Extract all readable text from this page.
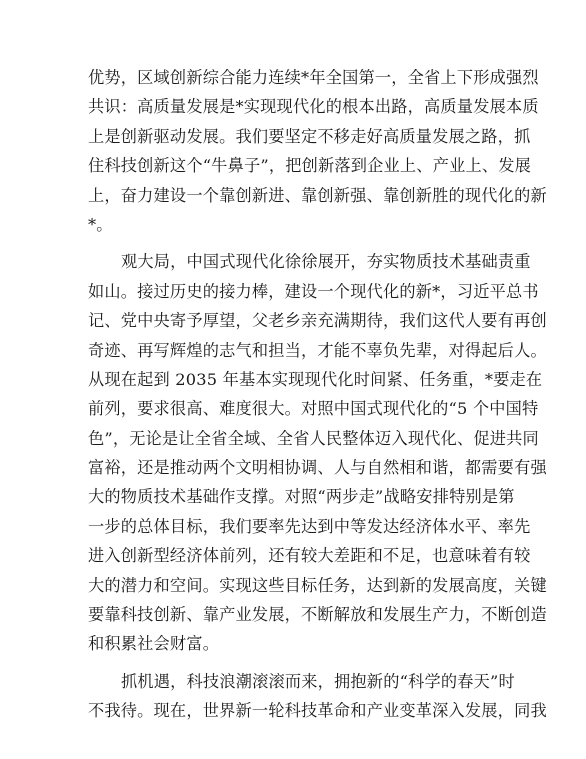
优势，区域创新综合能力连续*年全国第一，全省上下形成强烈
共识：高质量发展是*实现现代化的根本出路，高质量发展本质
上是创新驱动发展。我们要坚定不移走好高质量发展之路，抓
住科技创新这个“牛鼻子”，把创新落到企业上、产业上、发展
上，奋力建设一个靠创新进、靠创新强、靠创新胜的现代化的新
*。
观大局，中国式现代化徐徐展开，夯实物质技术基础责重
如山。接过历史的接力棒，建设一个现代化的新*，习近平总书
记、党中央寄予厚望，父老乡亲充满期待，我们这代人要有再创
奇迹、再写辉煌的志气和担当，才能不辜负先辈，对得起后人。
从现在起到 2035 年基本实现现代化时间紧、任务重，*要走在
前列，要求很高、难度很大。对照中国式现代化的“5 个中国特
色”，无论是让全省全域、全省人民整体迈入现代化、促进共同
富裕，还是推动两个文明相协调、人与自然相和谐，都需要有强
大的物质技术基础作支撑。对照“两步走”战略安排特别是第
一步的总体目标，我们要率先达到中等发达经济体水平、率先
进入创新型经济体前列，还有较大差距和不足，也意味着有较
大的潜力和空间。实现这些目标任务，达到新的发展高度，关键
要靠科技创新、靠产业发展，不断解放和发展生产力，不断创造
和积累社会财富。
抓机遇，科技浪潮滚滚而来，拥抱新的“科学的春天”时
不我待。现在，世界新一轮科技革命和产业变革深入发展，同我
